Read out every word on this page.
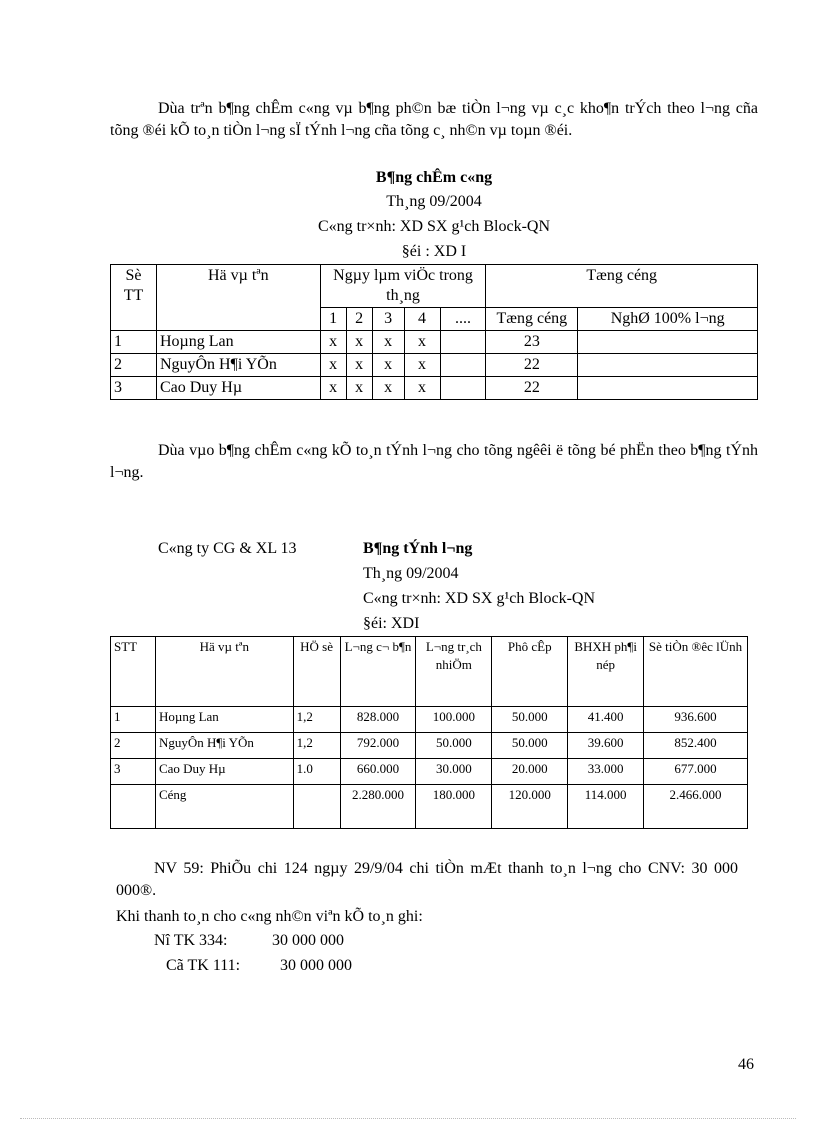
Dùa trªn b¶ng chÊm c«ng vµ b¶ng ph©n bæ tiÒn l¬ng vµ c¸c kho¶n trÝch theo l¬ng cña tõng ®éi kÕ to¸n tiÒn l¬ng sÏ tÝnh l¬ng cña tõng c¸ nh©n vµ toµn ®éi.
B¶ng chÊm c«ng
Th¸ng 09/2004
C«ng tr×nh: XD SX g¹ch Block-QN
§éi : XD I
Sè TT	Hä vµ tªn	Ngµy lµm viÖc trong th¸ng					Tæng céng	
		1	2	3	4	....	Tæng céng	NghØ 100% l¬ng
1	Hoµng Lan	x	x	x	x		23	
2	NguyÔn H¶i YÕn	x	x	x	x		22	
3	Cao Duy Hµ	x	x	x	x		22	
Dùa vµo b¶ng chÊm c«ng kÕ to¸n tÝnh l¬ng cho tõng ngêêi ë tõng bé phËn theo b¶ng tÝnh l¬ng.
C«ng ty CG & XL 13	B¶ng tÝnh l¬ng
Th¸ng 09/2004
C«ng tr×nh: XD SX g¹ch Block-QN
§éi: XDI
STT	Hä vµ tªn	HÖ sè	L¬ng c¬ b¶n	L¬ng tr¸ch nhiÖm	Phô cÊp	BHXH ph¶i nép	Sè tiÒn ®êc lÜnh
1	Hoµng Lan	1,2	828.000	100.000	50.000	41.400	936.600
2	NguyÔn H¶i YÕn	1,2	792.000	50.000	50.000	39.600	852.400
3	Cao Duy Hµ	1.0	660.000	30.000	20.000	33.000	677.000
	Céng		2.280.000	180.000	120.000	114.000	2.466.000
NV 59: PhiÕu chi 124 ngµy 29/9/04 chi tiÒn mÆt thanh to¸n l¬ng cho CNV: 30 000 000®.
Khi thanh to¸n cho c«ng nh©n viªn kÕ to¸n ghi:
Nî TK 334:	30 000 000
Cã TK 111: 30 000 000
46
